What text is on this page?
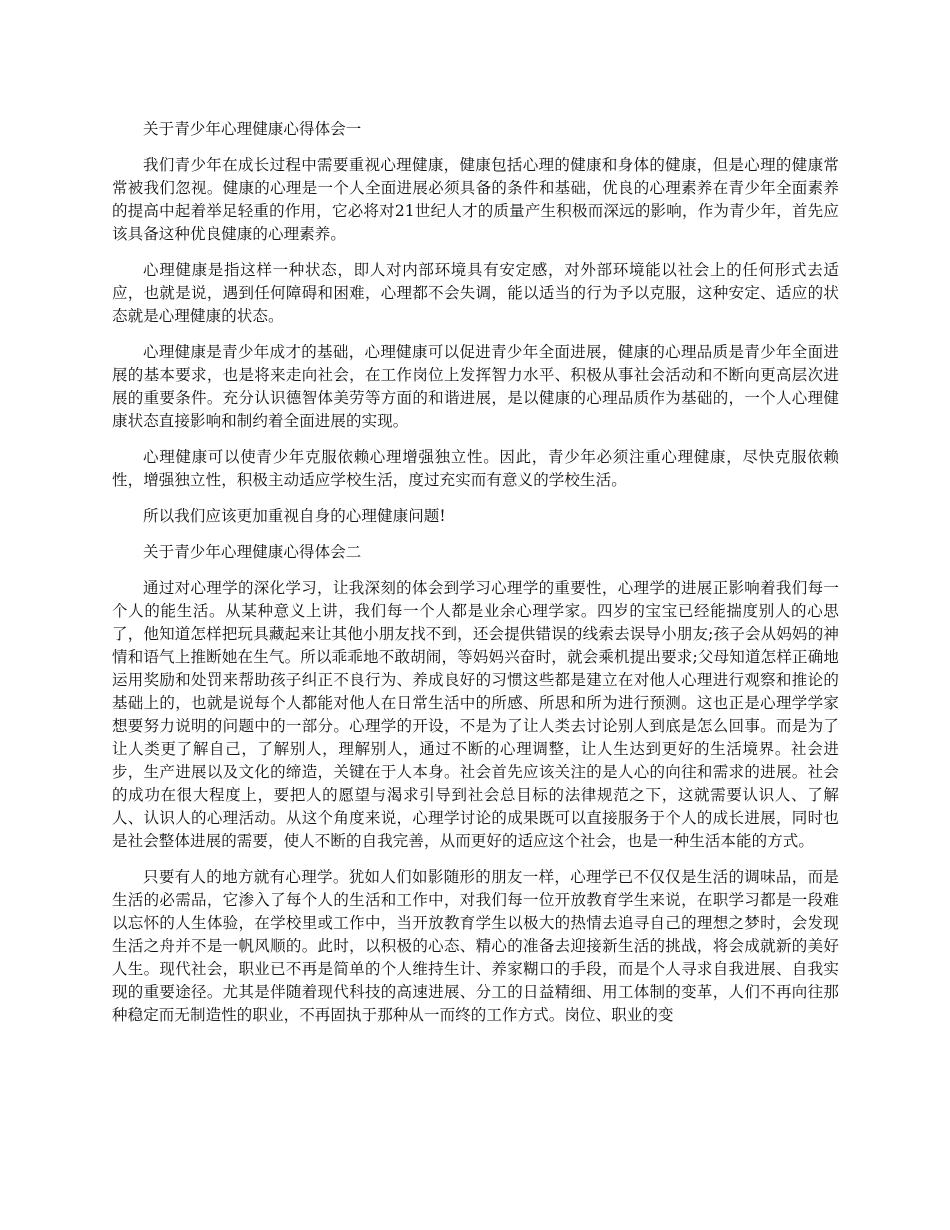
关于青少年心理健康心得体会一

我们青少年在成长过程中需要重视心理健康，健康包括心理的健康和身体的健康，但是心理的健康常常被我们忽视。健康的心理是一个人全面进展必须具备的条件和基础，优良的心理素养在青少年全面素养的提高中起着举足轻重的作用，它必将对21世纪人才的质量产生积极而深远的影响，作为青少年，首先应该具备这种优良健康的心理素养。

心理健康是指这样一种状态，即人对内部环境具有安定感，对外部环境能以社会上的任何形式去适应，也就是说，遇到任何障碍和困难，心理都不会失调，能以适当的行为予以克服，这种安定、适应的状态就是心理健康的状态。

心理健康是青少年成才的基础，心理健康可以促进青少年全面进展，健康的心理品质是青少年全面进展的基本要求，也是将来走向社会，在工作岗位上发挥智力水平、积极从事社会活动和不断向更高层次进展的重要条件。充分认识德智体美劳等方面的和谐进展，是以健康的心理品质作为基础的，一个人心理健康状态直接影响和制约着全面进展的实现。

心理健康可以使青少年克服依赖心理增强独立性。因此，青少年必须注重心理健康，尽快克服依赖性，增强独立性，积极主动适应学校生活，度过充实而有意义的学校生活。

所以我们应该更加重视自身的心理健康问题!

关于青少年心理健康心得体会二

通过对心理学的深化学习，让我深刻的体会到学习心理学的重要性，心理学的进展正影响着我们每一个人的能生活。从某种意义上讲，我们每一个人都是业余心理学家。四岁的宝宝已经能揣度别人的心思了，他知道怎样把玩具藏起来让其他小朋友找不到，还会提供错误的线索去误导小朋友;孩子会从妈妈的神情和语气上推断她在生气。所以乖乖地不敢胡闹，等妈妈兴奋时，就会乘机提出要求;父母知道怎样正确地运用奖励和处罚来帮助孩子纠正不良行为、养成良好的习惯这些都是建立在对他人心理进行观察和推论的基础上的，也就是说每个人都能对他人在日常生活中的所感、所思和所为进行预测。这也正是心理学学家想要努力说明的问题中的一部分。心理学的开设，不是为了让人类去讨论别人到底是怎么回事。而是为了让人类更了解自己，了解别人，理解别人，通过不断的心理调整，让人生达到更好的生活境界。社会进步，生产进展以及文化的缔造，关键在于人本身。社会首先应该关注的是人心的向往和需求的进展。社会的成功在很大程度上，要把人的愿望与渴求引导到社会总目标的法律规范之下，这就需要认识人、了解人、认识人的心理活动。从这个角度来说，心理学讨论的成果既可以直接服务于个人的成长进展，同时也是社会整体进展的需要，使人不断的自我完善，从而更好的适应这个社会，也是一种生活本能的方式。

只要有人的地方就有心理学。犹如人们如影随形的朋友一样，心理学已不仅仅是生活的调味品，而是生活的必需品，它渗入了每个人的生活和工作中，对我们每一位开放教育学生来说，在职学习都是一段难以忘怀的人生体验，在学校里或工作中，当开放教育学生以极大的热情去追寻自己的理想之梦时，会发现生活之舟并不是一帆风顺的。此时，以积极的心态、精心的准备去迎接新生活的挑战，将会成就新的美好人生。现代社会，职业已不再是简单的个人维持生计、养家糊口的手段，而是个人寻求自我进展、自我实现的重要途径。尤其是伴随着现代科技的高速进展、分工的日益精细、用工体制的变革，人们不再向往那种稳定而无制造性的职业，不再固执于那种从一而终的工作方式。岗位、职业的变
